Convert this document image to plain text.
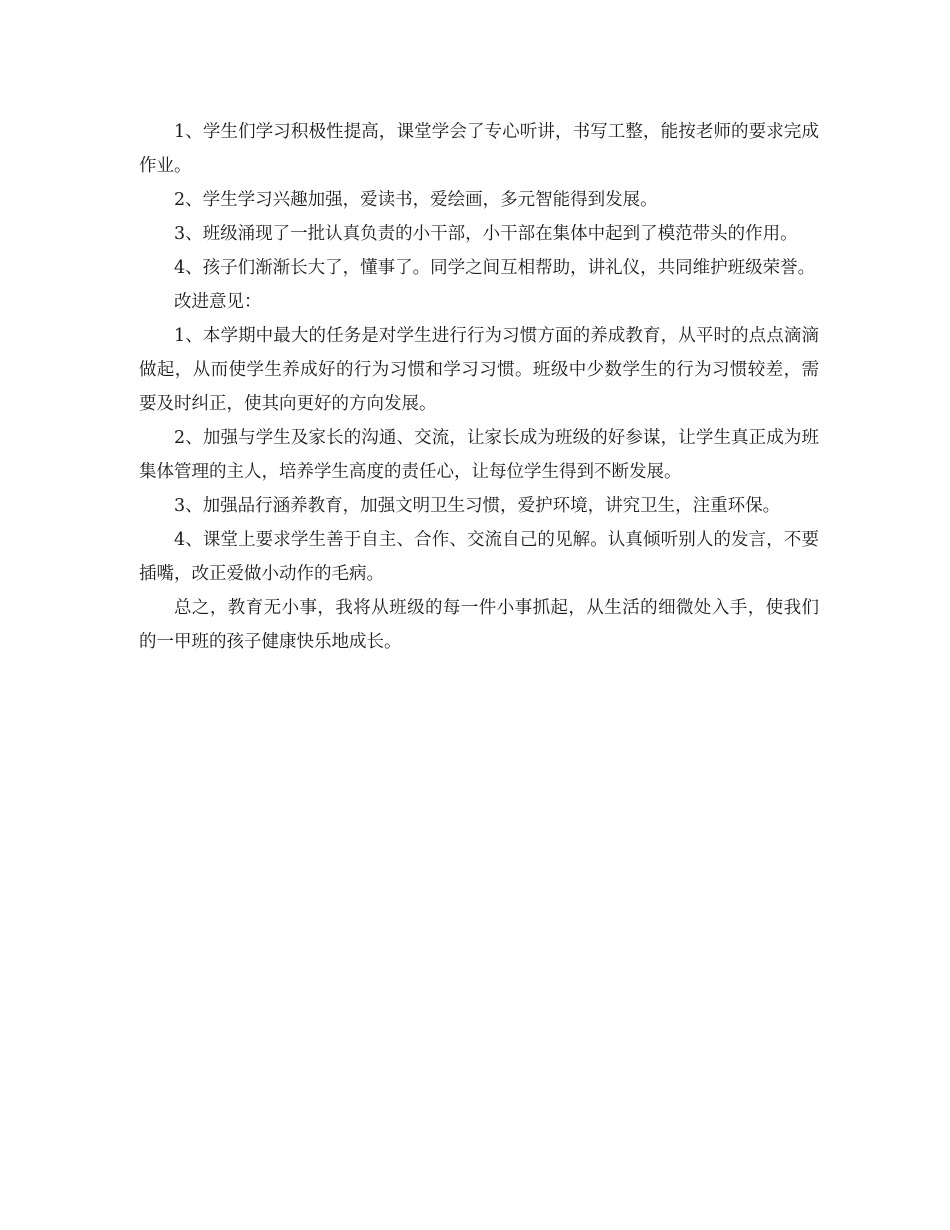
1、学生们学习积极性提高，课堂学会了专心听讲，书写工整，能按老师的要求完成作业。

2、学生学习兴趣加强，爱读书，爱绘画，多元智能得到发展。

3、班级涌现了一批认真负责的小干部，小干部在集体中起到了模范带头的作用。

4、孩子们渐渐长大了，懂事了。同学之间互相帮助，讲礼仪，共同维护班级荣誉。

改进意见：

1、本学期中最大的任务是对学生进行行为习惯方面的养成教育，从平时的点点滴滴做起，从而使学生养成好的行为习惯和学习习惯。班级中少数学生的行为习惯较差，需要及时纠正，使其向更好的方向发展。

2、加强与学生及家长的沟通、交流，让家长成为班级的好参谋，让学生真正成为班集体管理的主人，培养学生高度的责任心，让每位学生得到不断发展。

3、加强品行涵养教育，加强文明卫生习惯，爱护环境，讲究卫生，注重环保。

4、课堂上要求学生善于自主、合作、交流自己的见解。认真倾听别人的发言，不要插嘴，改正爱做小动作的毛病。

总之，教育无小事，我将从班级的每一件小事抓起，从生活的细微处入手，使我们的一甲班的孩子健康快乐地成长。
